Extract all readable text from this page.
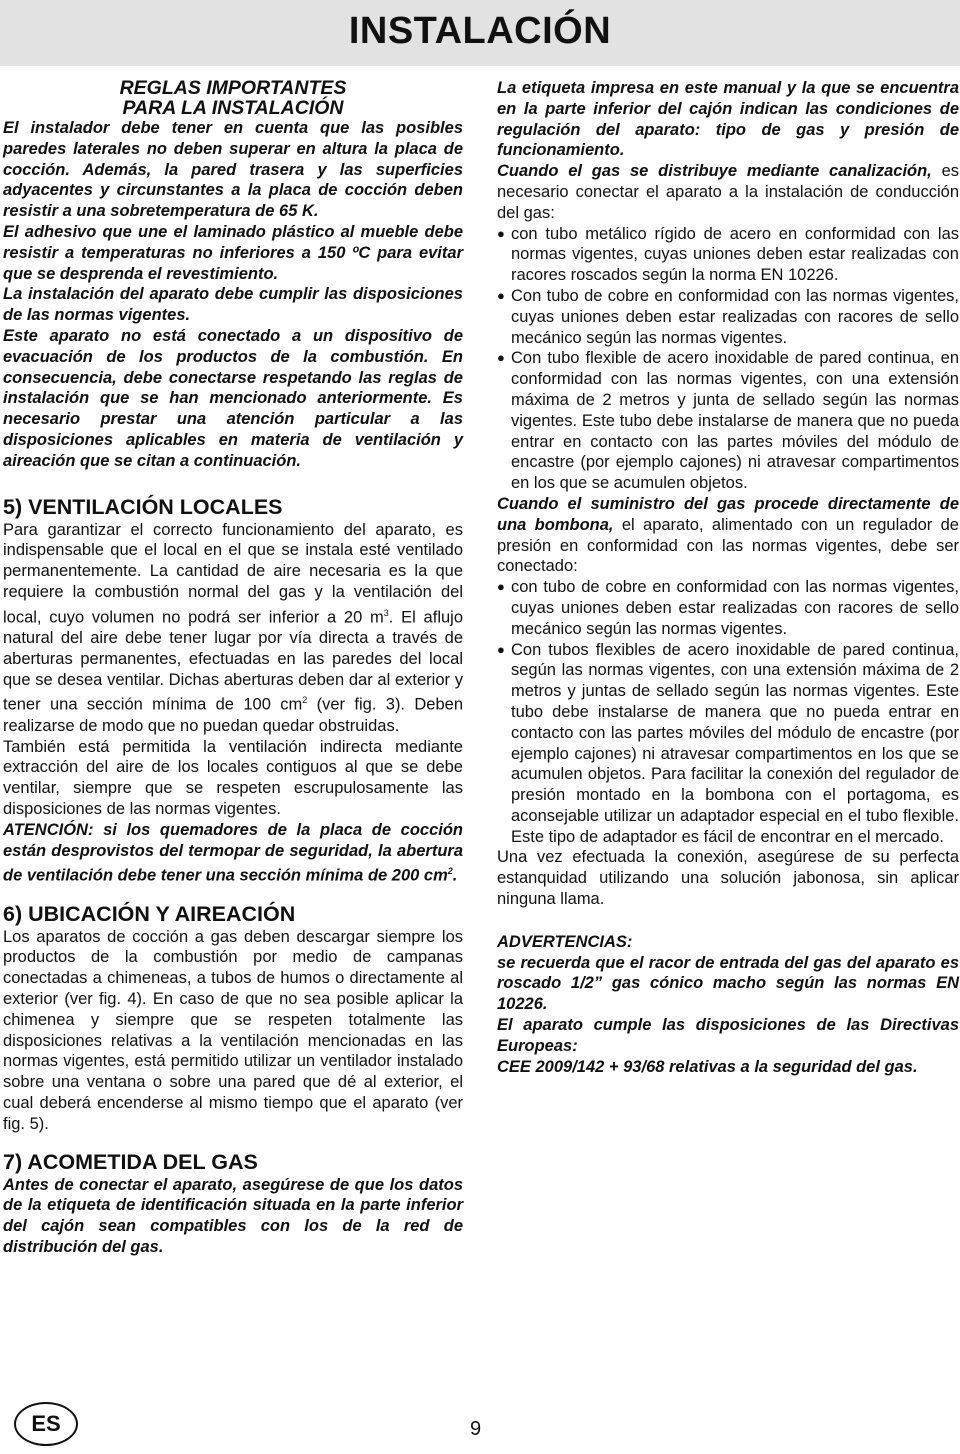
INSTALACIÓN

REGLAS IMPORTANTES

PARA LA INSTALACIÓN

El instalador debe tener en cuenta que las posibles paredes laterales no deben superar en altura la placa de cocción. Además, la pared trasera y las superficies adyacentes y circunstantes a la placa de cocción deben resistir a una sobretemperatura de 65 K.

El adhesivo que une el laminado plástico al mueble debe resistir a temperaturas no inferiores a 150 ºC para evitar que se desprenda el revestimiento.

La instalación del aparato debe cumplir las disposiciones de las normas vigentes.

Este aparato no está conectado a un dispositivo de evacuación de los productos de la combustión. En consecuencia, debe conectarse respetando las reglas de instalación que se han mencionado anteriormente. Es necesario prestar una atención particular a las disposiciones aplicables en materia de ventilación y aireación que se citan a continuación.

5) VENTILACIÓN LOCALES

Para garantizar el correcto funcionamiento del aparato, es indispensable que el local en el que se instala esté ventilado permanentemente. La cantidad de aire necesaria es la que requiere la combustión normal del gas y la ventilación del local, cuyo volumen no podrá ser inferior a 20 $m^3$. El aflujo natural del aire debe tener lugar por vía directa a través de aberturas permanentes, efectuadas en las paredes del local que se desea ventilar. Dichas aberturas deben dar al exterior y tener una sección mínima de 100 $cm^2$ (ver fig. 3). Deben realizarse de modo que no puedan quedar obstruidas.

También está permitida la ventilación indirecta mediante extracción del aire de los locales contiguos al que se debe ventilar, siempre que se respeten escrupulosamente las disposiciones de las normas vigentes.

ATENCIÓN: si los quemadores de la placa de cocción están desprovistos del termopar de seguridad, la abertura de ventilación debe tener una sección mínima de 200 $cm^2$.

6) UBICACIÓN Y AIREACIÓN

Los aparatos de cocción a gas deben descargar siempre los productos de la combustión por medio de campanas conectadas a chimeneas, a tubos de humos o directamente al exterior (ver fig. 4). En caso de que no sea posible aplicar la chimenea y siempre que se respeten totalmente las disposiciones relativas a la ventilación mencionadas en las normas vigentes, está permitido utilizar un ventilador instalado sobre una ventana o sobre una pared que dé al exterior, el cual deberá encenderse al mismo tiempo que el aparato (ver fig. 5).

7) ACOMETIDA DEL GAS

Antes de conectar el aparato, asegúrese de que los datos de la etiqueta de identificación situada en la parte inferior del cajón sean compatibles con los de la red de distribución del gas.

La etiqueta impresa en este manual y la que se encuentra en la parte inferior del cajón indican las condiciones de regulación del aparato: tipo de gas y presión de funcionamiento.

Cuando el gas se distribuye mediante canalización, es necesario conectar el aparato a la instalación de conducción del gas:

● con tubo metálico rígido de acero en conformidad con las normas vigentes, cuyas uniones deben estar realizadas con racores roscados según la norma EN 10226.
● Con tubo de cobre en conformidad con las normas vigentes, cuyas uniones deben estar realizadas con racores de sello mecánico según las normas vigentes.
● Con tubo flexible de acero inoxidable de pared continua, en conformidad con las normas vigentes, con una extensión máxima de 2 metros y junta de sellado según las normas vigentes. Este tubo debe instalarse de manera que no pueda entrar en contacto con las partes móviles del módulo de encastre (por ejemplo cajones) ni atravesar compartimentos en los que se acumulen objetos.

Cuando el suministro del gas procede directamente de una bombona, el aparato, alimentado con un regulador de presión en conformidad con las normas vigentes, debe ser conectado:

● con tubo de cobre en conformidad con las normas vigentes, cuyas uniones deben estar realizadas con racores de sello mecánico según las normas vigentes.
● Con tubos flexibles de acero inoxidable de pared continua, según las normas vigentes, con una extensión máxima de 2 metros y juntas de sellado según las normas vigentes. Este tubo debe instalarse de manera que no pueda entrar en contacto con las partes móviles del módulo de encastre (por ejemplo cajones) ni atravesar compartimentos en los que se acumulen objetos. Para facilitar la conexión del regulador de presión montado en la bombona con el portagoma, es aconsejable utilizar un adaptador especial en el tubo flexible. Este tipo de adaptador es fácil de encontrar en el mercado.

Una vez efectuada la conexión, asegúrese de su perfecta estanquidad utilizando una solución jabonosa, sin aplicar ninguna llama.

ADVERTENCIAS:

se recuerda que el racor de entrada del gas del aparato es roscado 1/2” gas cónico macho según las normas EN 10226.

El aparato cumple las disposiciones de las Directivas Europeas:

CEE 2009/142 + 93/68 relativas a la seguridad del gas.

ES	9
